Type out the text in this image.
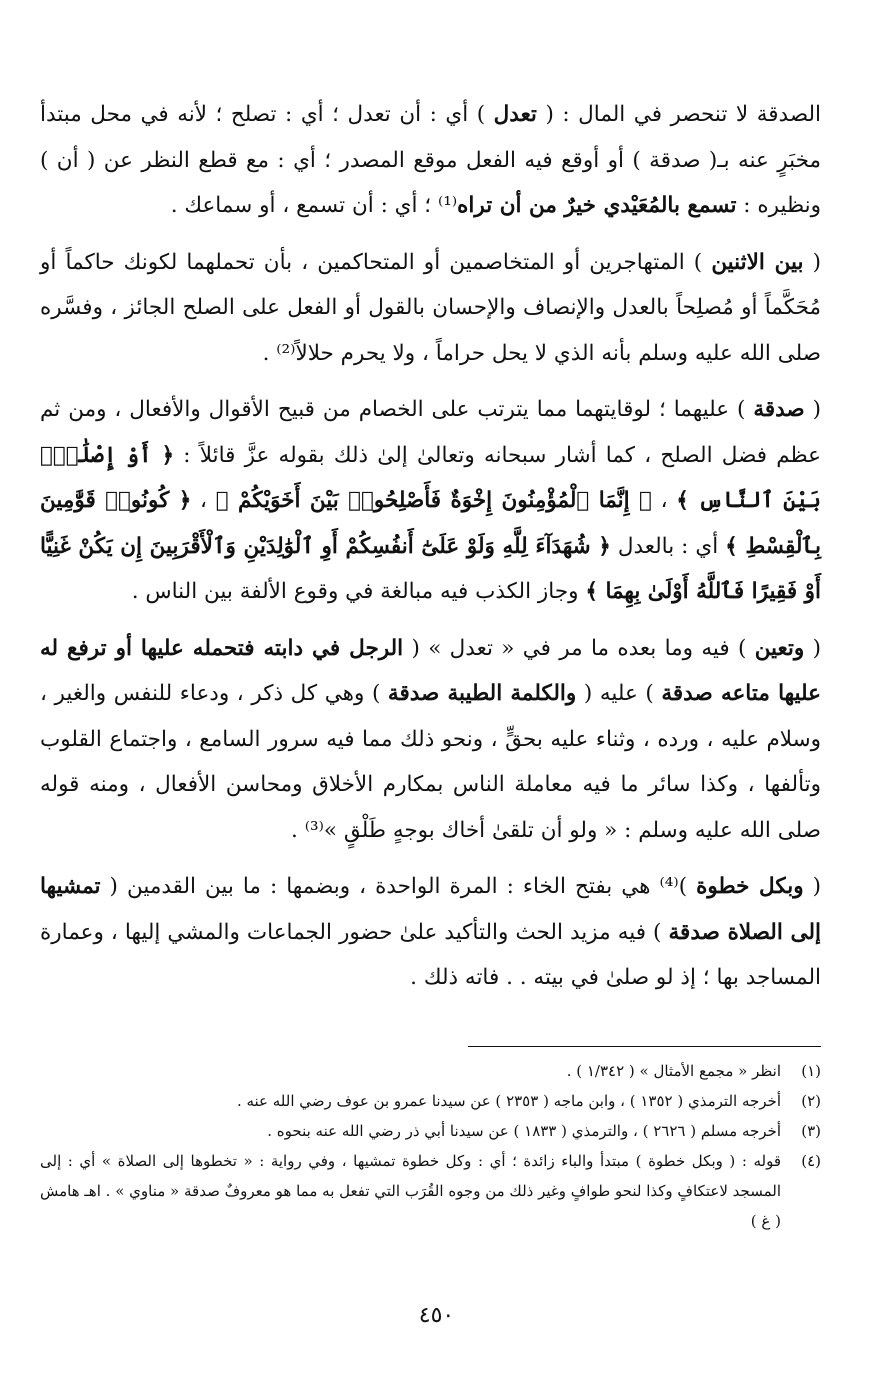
الصدقة لا تنحصر في المال : ( تعدل ) أي : أن تعدل ؛ أي : تصلح ؛ لأنه في محل مبتدأ مخبَرٍ عنه بـ( صدقة ) أو أوقع فيه الفعل موقع المصدر ؛ أي : مع قطع النظر عن ( أن ) ونظيره : تسمع بالمُعَيْدي خيرٌ من أن تراه⁽¹⁾ ؛ أي : أن تسمع ، أو سماعك .

( بين الاثنين ) المتهاجرين أو المتخاصمين أو المتحاكمين ، بأن تحملهما لكونك حاكماً أو مُحَكَّماً أو مُصلِحاً بالعدل والإنصاف والإحسان بالقول أو الفعل على الصلح الجائز ، وفسَّره صلى الله عليه وسلم بأنه الذي لا يحل حراماً ، ولا يحرم حلالاً⁽²⁾ .

( صدقة ) عليهما ؛ لوقايتهما مما يترتب على الخصام من قبيح الأقوال والأفعال ، ومن ثم عظم فضل الصلح ، كما أشار سبحانه وتعالىٰ إلىٰ ذلك بقوله عزَّ قائلاً : ﴿ أَوْ إِصْلَٰحِۭ بَيْنَ ٱلنَّاسِ ﴾ ، ﴿ إِنَّمَا ٱلْمُؤْمِنُونَ إِخْوَةٌ فَأَصْلِحُوا۟ بَيْنَ أَخَوَيْكُمْ ﴾ ، ﴿ كُونُوا۟ قَوَّٰمِينَ بِٱلْقِسْطِ ﴾ أي : بالعدل ﴿ شُهَدَآءَ لِلَّهِ وَلَوْ عَلَىٰٓ أَنفُسِكُمْ أَوِ ٱلْوَٰلِدَيْنِ وَٱلْأَقْرَبِينَ إِن يَكُنْ غَنِيًّا أَوْ فَقِيرًا فَٱللَّهُ أَوْلَىٰ بِهِمَا ﴾ وجاز الكذب فيه مبالغة في وقوع الألفة بين الناس .

( وتعين ) فيه وما بعده ما مر في « تعدل » ( الرجل في دابته فتحمله عليها أو ترفع له عليها متاعه صدقة ) عليه ( والكلمة الطيبة صدقة ) وهي كل ذكر ، ودعاء للنفس والغير ، وسلام عليه ، ورده ، وثناء عليه بحقٍّ ، ونحو ذلك مما فيه سرور السامع ، واجتماع القلوب وتألفها ، وكذا سائر ما فيه معاملة الناس بمكارم الأخلاق ومحاسن الأفعال ، ومنه قوله صلى الله عليه وسلم : « ولو أن تلقىٰ أخاك بوجهٍ طَلْقٍ »⁽³⁾ .

( وبكل خطوة )⁽⁴⁾ هي بفتح الخاء : المرة الواحدة ، وبضمها : ما بين القدمين ( تمشيها إلى الصلاة صدقة ) فيه مزيد الحث والتأكيد علىٰ حضور الجماعات والمشي إليها ، وعمارة المساجد بها ؛ إذ لو صلىٰ في بيته . . فاته ذلك .

(١)
انظر « مجمع الأمثال » ( ١/٣٤٢ ) .
(٢)
أخرجه الترمذي ( ١٣٥٢ ) ، وابن ماجه ( ٢٣٥٣ ) عن سيدنا عمرو بن عوف رضي الله عنه .
(٣)
أخرجه مسلم ( ٢٦٢٦ ) ، والترمذي ( ١٨٣٣ ) عن سيدنا أبي ذر رضي الله عنه بنحوه .
(٤)
قوله : ( وبكل خطوة ) مبتدأ والباء زائدة ؛ أي : وكل خطوة تمشيها ، وفي رواية : « تخطوها إلى الصلاة » أي : إلى المسجد لاعتكافٍ وكذا لنحو طوافٍ وغير ذلك من وجوه القُرَب التي تفعل به مما هو معروفٌ صدقة « مناوي » . اهـ هامش ( غ )
٤٥٠
